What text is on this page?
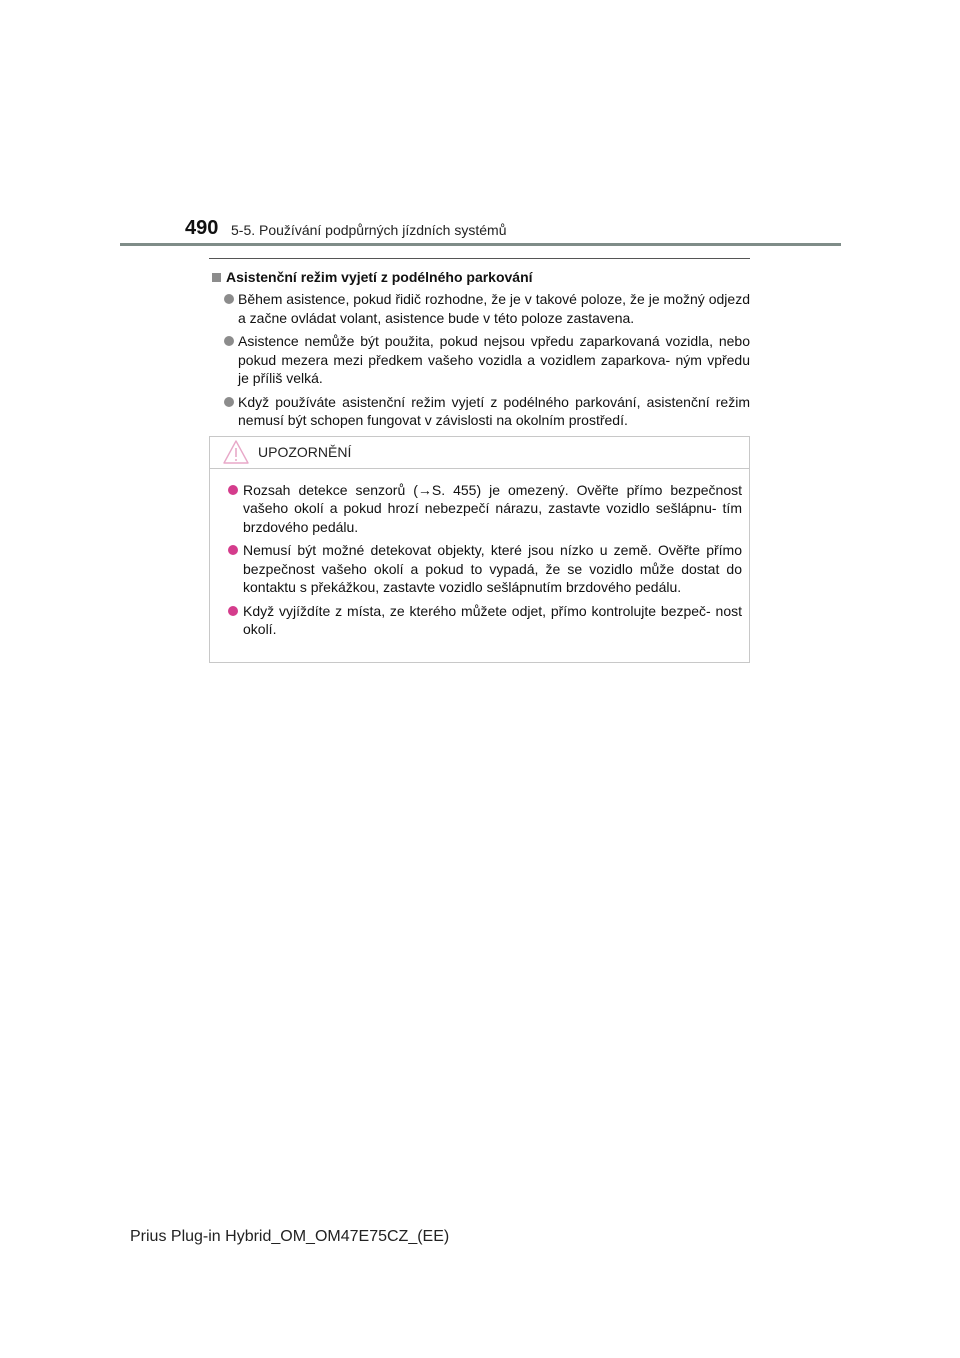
490 5-5. Používání podpůrných jízdních systémů
Asistenční režim vyjetí z podélného parkování
Během asistence, pokud řidič rozhodne, že je v takové poloze, že je možný odjezd a začne ovládat volant, asistence bude v této poloze zastavena.
Asistence nemůže být použita, pokud nejsou vpředu zaparkovaná vozidla, nebo pokud mezera mezi předkem vašeho vozidla a vozidlem zaparkova- ným vpředu je příliš velká.
Když používáte asistenční režim vyjetí z podélného parkování, asistenční režim nemusí být schopen fungovat v závislosti na okolním prostředí.
UPOZORNĚNÍ
Rozsah detekce senzorů (→S. 455) je omezený. Ověřte přímo bezpečnost vašeho okolí a pokud hrozí nebezpečí nárazu, zastavte vozidlo sešlápnu- tím brzdového pedálu.
Nemusí být možné detekovat objekty, které jsou nízko u země. Ověřte přímo bezpečnost vašeho okolí a pokud to vypadá, že se vozidlo může dostat do kontaktu s překážkou, zastavte vozidlo sešlápnutím brzdového pedálu.
Když vyjíždíte z místa, ze kterého můžete odjet, přímo kontrolujte bezpeč- nost okolí.
Prius Plug-in Hybrid_OM_OM47E75CZ_(EE)
